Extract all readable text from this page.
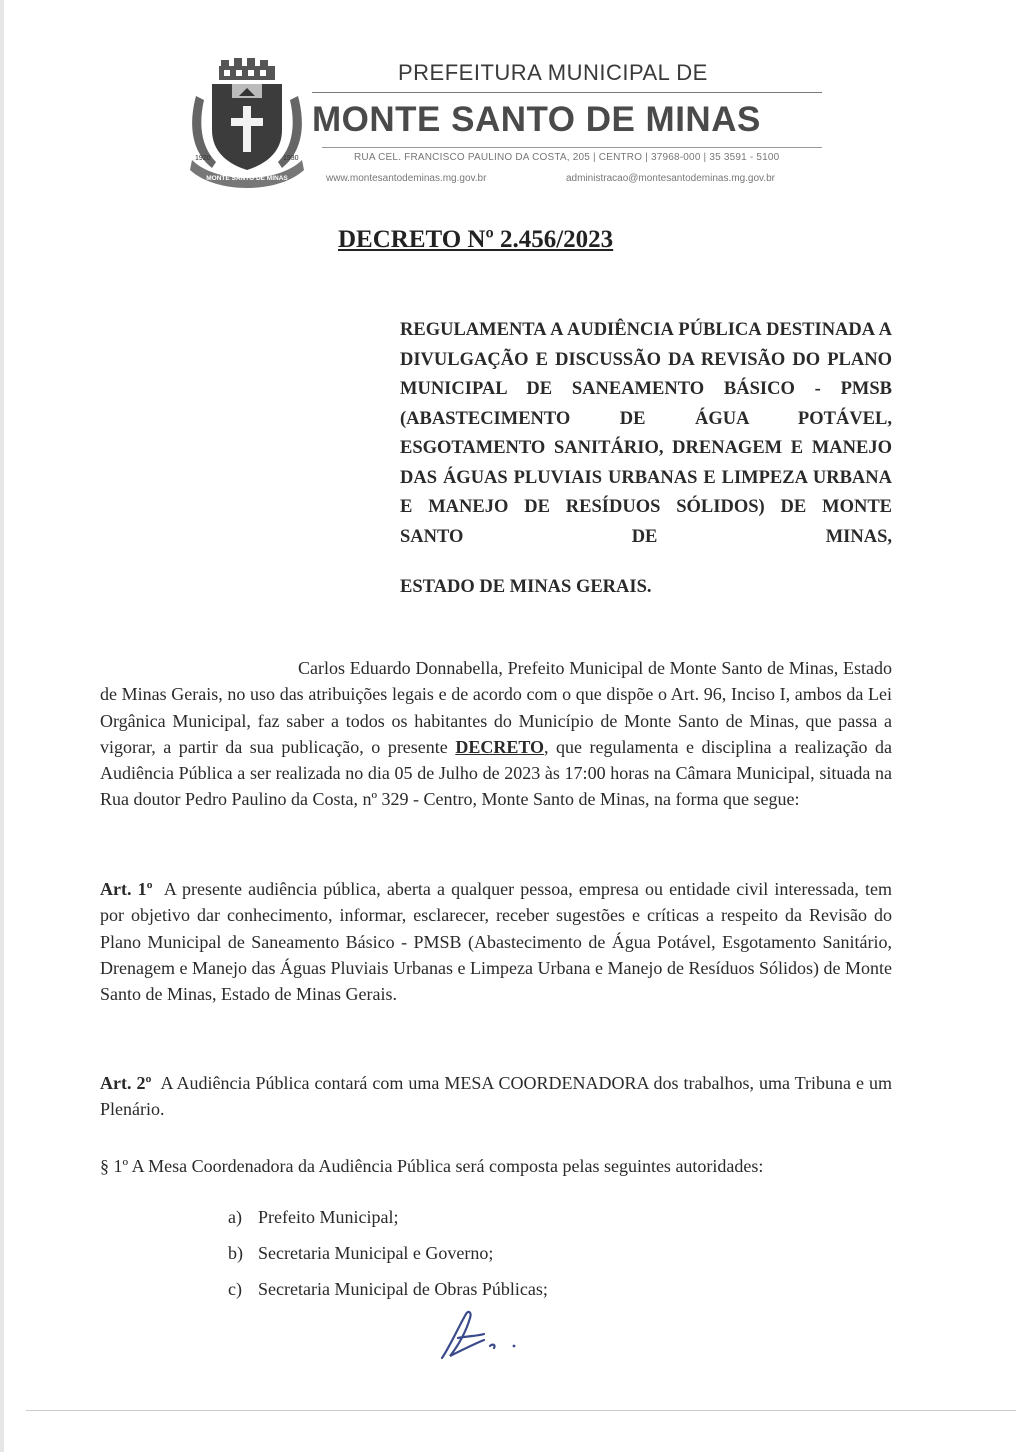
1920	1930
MONTE SANTO DE MINAS
PREFEITURA MUNICIPAL DE
MONTE SANTO DE MINAS
RUA CEL. FRANCISCO PAULINO DA COSTA, 205 | CENTRO | 37968-000 | 35 3591 - 5100
www.montesantodeminas.mg.gov.br	administracao@montesantodeminas.mg.gov.br
DECRETO Nº 2.456/2023

REGULAMENTA A AUDIÊNCIA PÚBLICA DESTINADA A DIVULGAÇÃO E DISCUSSÃO DA REVISÃO DO PLANO MUNICIPAL DE SANEAMENTO BÁSICO - PMSB (ABASTECIMENTO DE ÁGUA POTÁVEL, ESGOTAMENTO SANITÁRIO, DRENAGEM E MANEJO DAS ÁGUAS PLUVIAIS URBANAS E LIMPEZA URBANA E MANEJO DE RESÍDUOS SÓLIDOS) DE MONTE SANTO DE MINAS,

ESTADO DE MINAS GERAIS.

Carlos Eduardo Donnabella, Prefeito Municipal de Monte Santo de Minas, Estado de Minas Gerais, no uso das atribuições legais e de acordo com o que dispõe o Art. 96, Inciso I, ambos da Lei Orgânica Municipal, faz saber a todos os habitantes do Município de Monte Santo de Minas, que passa a vigorar, a partir da sua publicação, o presente DECRETO, que regulamenta e disciplina a realização da Audiência Pública a ser realizada no dia 05 de Julho de 2023 às 17:00 horas na Câmara Municipal, situada na Rua doutor Pedro Paulino da Costa, nº 329 - Centro, Monte Santo de Minas, na forma que segue:

Art. 1º A presente audiência pública, aberta a qualquer pessoa, empresa ou entidade civil interessada, tem por objetivo dar conhecimento, informar, esclarecer, receber sugestões e críticas a respeito da Revisão do Plano Municipal de Saneamento Básico - PMSB (Abastecimento de Água Potável, Esgotamento Sanitário, Drenagem e Manejo das Águas Pluviais Urbanas e Limpeza Urbana e Manejo de Resíduos Sólidos) de Monte Santo de Minas, Estado de Minas Gerais.

Art. 2º A Audiência Pública contará com uma MESA COORDENADORA dos trabalhos, uma Tribuna e um Plenário.

§ 1º A Mesa Coordenadora da Audiência Pública será composta pelas seguintes autoridades:

a) Prefeito Municipal;
b) Secretaria Municipal e Governo;
c) Secretaria Municipal de Obras Públicas;
